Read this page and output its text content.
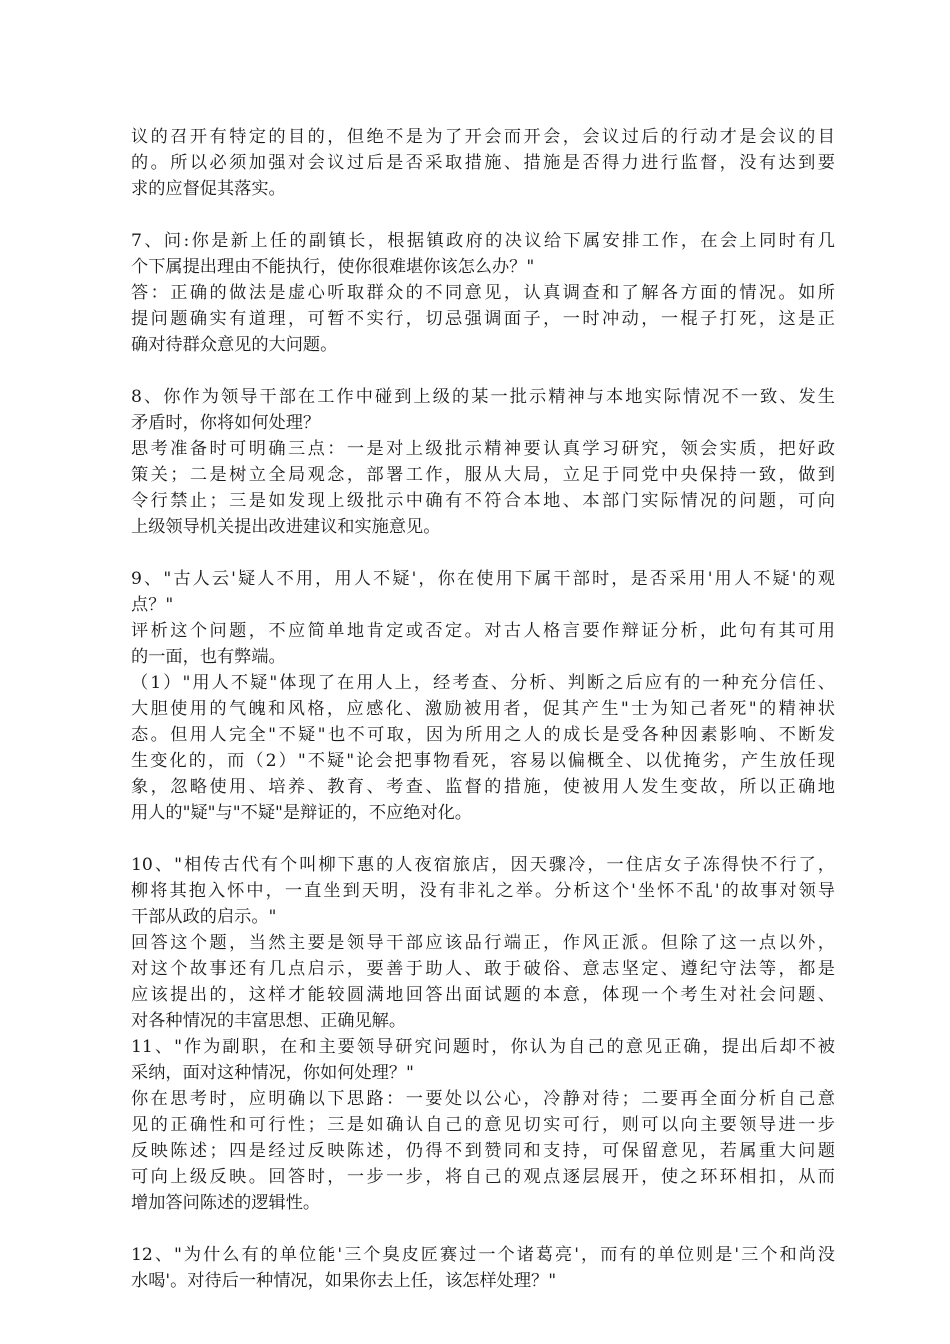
议的召开有特定的目的，但绝不是为了开会而开会，会议过后的行动才是会议的目
的。所以必须加强对会议过后是否采取措施、措施是否得力进行监督，没有达到要
求的应督促其落实。
7、问:你是新上任的副镇长，根据镇政府的决议给下属安排工作，在会上同时有几
个下属提出理由不能执行，使你很难堪你该怎么办？"
答：正确的做法是虚心听取群众的不同意见，认真调查和了解各方面的情况。如所
提问题确实有道理，可暂不实行，切忌强调面子，一时冲动，一棍子打死，这是正
确对待群众意见的大问题。
8、你作为领导干部在工作中碰到上级的某一批示精神与本地实际情况不一致、发生
矛盾时，你将如何处理？
思考准备时可明确三点：一是对上级批示精神要认真学习研究，领会实质，把好政
策关；二是树立全局观念，部署工作，服从大局，立足于同党中央保持一致，做到
令行禁止；三是如发现上级批示中确有不符合本地、本部门实际情况的问题，可向
上级领导机关提出改进建议和实施意见。
9、"古人云'疑人不用，用人不疑'，你在使用下属干部时，是否采用'用人不疑'的观
点？"
评析这个问题，不应简单地肯定或否定。对古人格言要作辩证分析，此句有其可用
的一面，也有弊端。
（1）"用人不疑"体现了在用人上，经考查、分析、判断之后应有的一种充分信任、
大胆使用的气魄和风格，应感化、激励被用者，促其产生"士为知己者死"的精神状
态。但用人完全"不疑"也不可取，因为所用之人的成长是受各种因素影响、不断发
生变化的，而（2）"不疑"论会把事物看死，容易以偏概全、以优掩劣，产生放任现
象，忽略使用、培养、教育、考查、监督的措施，使被用人发生变故，所以正确地
用人的"疑"与"不疑"是辩证的，不应绝对化。
10、"相传古代有个叫柳下惠的人夜宿旅店，因天骤冷，一住店女子冻得快不行了，
柳将其抱入怀中，一直坐到天明，没有非礼之举。分析这个'坐怀不乱'的故事对领导
干部从政的启示。"
回答这个题，当然主要是领导干部应该品行端正，作风正派。但除了这一点以外，
对这个故事还有几点启示，要善于助人、敢于破俗、意志坚定、遵纪守法等，都是
应该提出的，这样才能较圆满地回答出面试题的本意，体现一个考生对社会问题、
对各种情况的丰富思想、正确见解。
11、"作为副职，在和主要领导研究问题时，你认为自己的意见正确，提出后却不被
采纳，面对这种情况，你如何处理？"
你在思考时，应明确以下思路：一要处以公心，冷静对待；二要再全面分析自己意
见的正确性和可行性；三是如确认自己的意见切实可行，则可以向主要领导进一步
反映陈述；四是经过反映陈述，仍得不到赞同和支持，可保留意见，若属重大问题
可向上级反映。回答时，一步一步，将自己的观点逐层展开，使之环环相扣，从而
增加答问陈述的逻辑性。
12、"为什么有的单位能'三个臭皮匠赛过一个诸葛亮'，而有的单位则是'三个和尚没
水喝'。对待后一种情况，如果你去上任，该怎样处理？"
